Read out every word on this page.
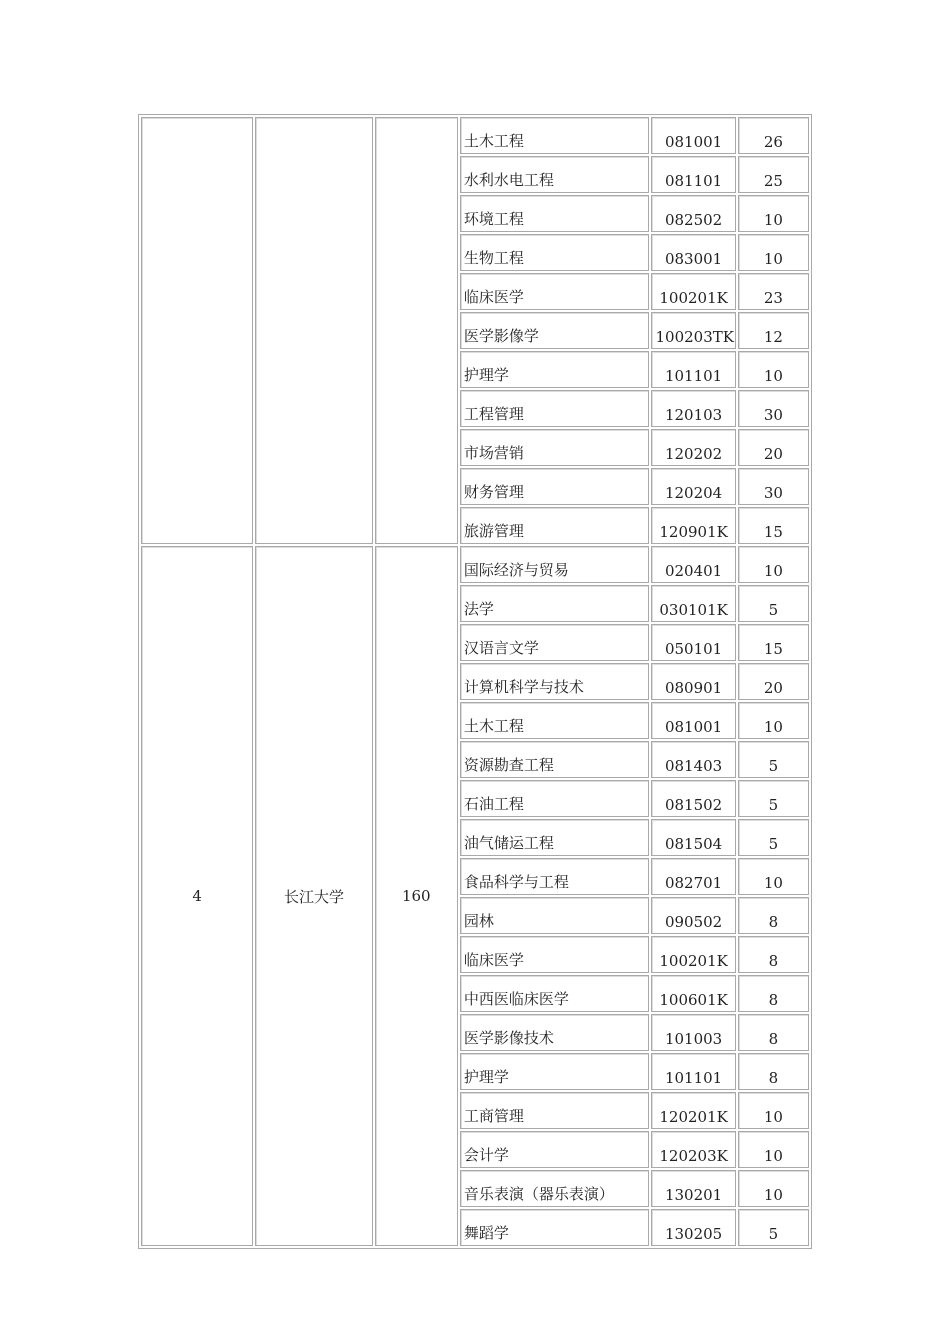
			土木工程	081001	26
			水利水电工程	081101	25
			环境工程	082502	10
			生物工程	083001	10
			临床医学	100201K	23
			医学影像学	100203TK	12
			护理学	101101	10
			工程管理	120103	30
			市场营销	120202	20
			财务管理	120204	30
			旅游管理	120901K	15
4	长江大学	160	国际经济与贸易	020401	10
			法学	030101K	5
			汉语言文学	050101	15
			计算机科学与技术	080901	20
			土木工程	081001	10
			资源勘查工程	081403	5
			石油工程	081502	5
			油气储运工程	081504	5
			食品科学与工程	082701	10
			园林	090502	8
			临床医学	100201K	8
			中西医临床医学	100601K	8
			医学影像技术	101003	8
			护理学	101101	8
			工商管理	120201K	10
			会计学	120203K	10
			音乐表演（器乐表演）	130201	10
			舞蹈学	130205	5
